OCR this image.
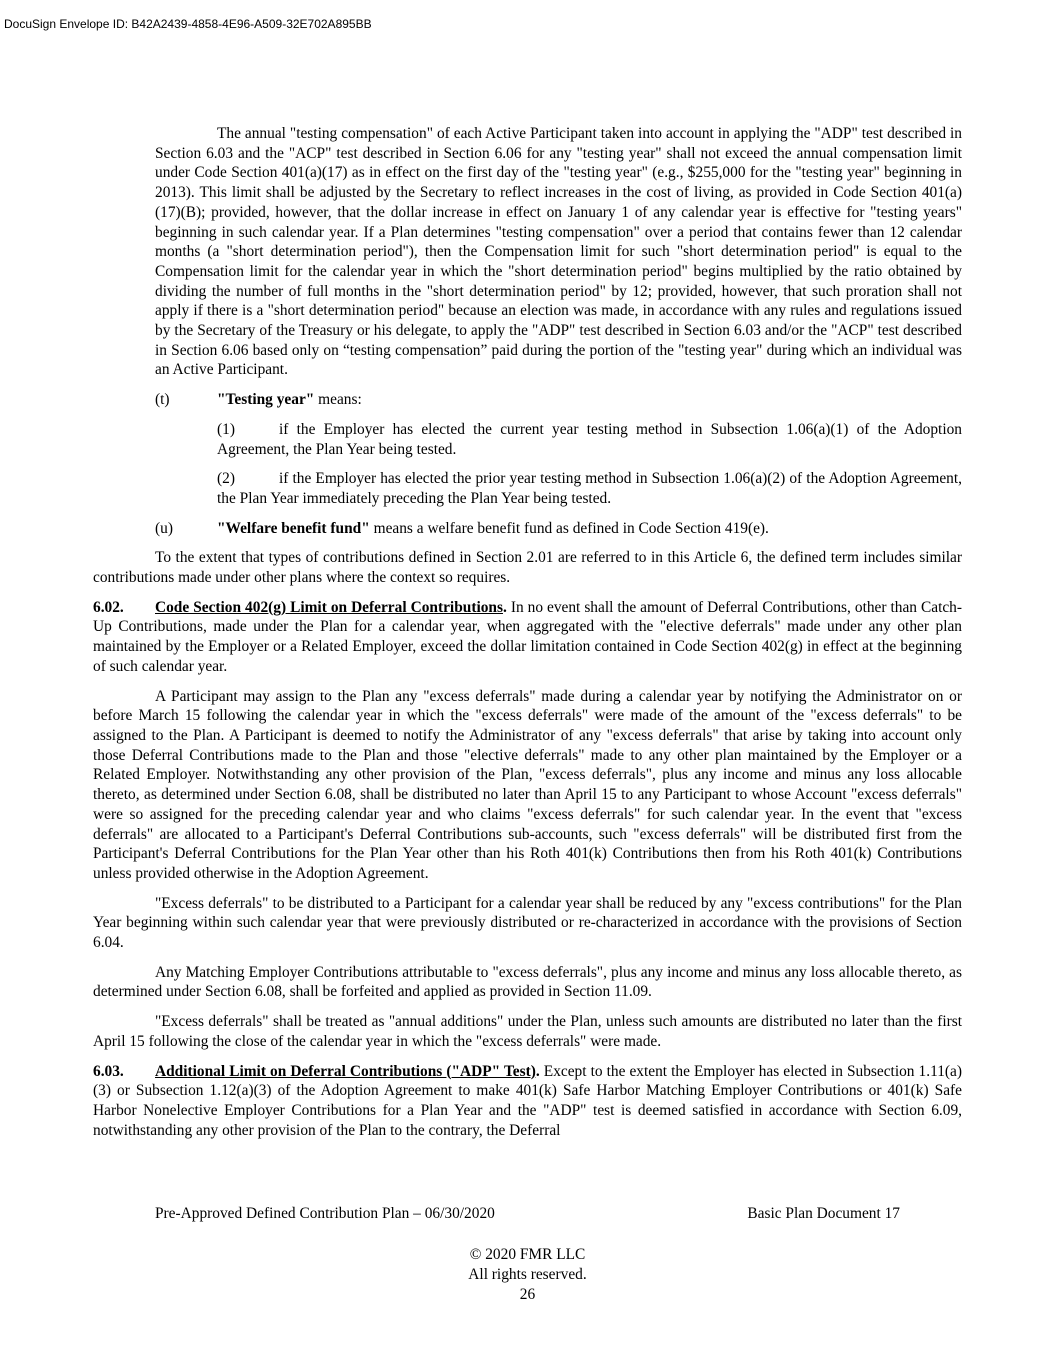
DocuSign Envelope ID: B42A2439-4858-4E96-A509-32E702A895BB

The annual "testing compensation" of each Active Participant taken into account in applying the "ADP" test described in Section 6.03 and the "ACP" test described in Section 6.06 for any "testing year" shall not exceed the annual compensation limit under Code Section 401(a)(17) as in effect on the first day of the "testing year" (e.g., $255,000 for the "testing year" beginning in 2013). This limit shall be adjusted by the Secretary to reflect increases in the cost of living, as provided in Code Section 401(a)(17)(B); provided, however, that the dollar increase in effect on January 1 of any calendar year is effective for "testing years" beginning in such calendar year. If a Plan determines "testing compensation" over a period that contains fewer than 12 calendar months (a "short determination period"), then the Compensation limit for such "short determination period" is equal to the Compensation limit for the calendar year in which the "short determination period" begins multiplied by the ratio obtained by dividing the number of full months in the "short determination period" by 12; provided, however, that such proration shall not apply if there is a "short determination period" because an election was made, in accordance with any rules and regulations issued by the Secretary of the Treasury or his delegate, to apply the "ADP" test described in Section 6.03 and/or the "ACP" test described in Section 6.06 based only on “testing compensation” paid during the portion of the "testing year" during which an individual was an Active Participant.

(t)	"Testing year" means:

(1)	if the Employer has elected the current year testing method in Subsection 1.06(a)(1) of the Adoption Agreement, the Plan Year being tested.

(2)	if the Employer has elected the prior year testing method in Subsection 1.06(a)(2) of the Adoption Agreement, the Plan Year immediately preceding the Plan Year being tested.

(u)	"Welfare benefit fund" means a welfare benefit fund as defined in Code Section 419(e).

To the extent that types of contributions defined in Section 2.01 are referred to in this Article 6, the defined term includes similar contributions made under other plans where the context so requires.

6.02. Code Section 402(g) Limit on Deferral Contributions. In no event shall the amount of Deferral Contributions, other than Catch-Up Contributions, made under the Plan for a calendar year, when aggregated with the "elective deferrals" made under any other plan maintained by the Employer or a Related Employer, exceed the dollar limitation contained in Code Section 402(g) in effect at the beginning of such calendar year.

A Participant may assign to the Plan any "excess deferrals" made during a calendar year by notifying the Administrator on or before March 15 following the calendar year in which the "excess deferrals" were made of the amount of the "excess deferrals" to be assigned to the Plan. A Participant is deemed to notify the Administrator of any "excess deferrals" that arise by taking into account only those Deferral Contributions made to the Plan and those "elective deferrals" made to any other plan maintained by the Employer or a Related Employer. Notwithstanding any other provision of the Plan, "excess deferrals", plus any income and minus any loss allocable thereto, as determined under Section 6.08, shall be distributed no later than April 15 to any Participant to whose Account "excess deferrals" were so assigned for the preceding calendar year and who claims "excess deferrals" for such calendar year. In the event that "excess deferrals" are allocated to a Participant's Deferral Contributions sub-accounts, such "excess deferrals" will be distributed first from the Participant's Deferral Contributions for the Plan Year other than his Roth 401(k) Contributions then from his Roth 401(k) Contributions unless provided otherwise in the Adoption Agreement.

"Excess deferrals" to be distributed to a Participant for a calendar year shall be reduced by any "excess contributions" for the Plan Year beginning within such calendar year that were previously distributed or re-characterized in accordance with the provisions of Section 6.04.

Any Matching Employer Contributions attributable to "excess deferrals", plus any income and minus any loss allocable thereto, as determined under Section 6.08, shall be forfeited and applied as provided in Section 11.09.

"Excess deferrals" shall be treated as "annual additions" under the Plan, unless such amounts are distributed no later than the first April 15 following the close of the calendar year in which the "excess deferrals" were made.

6.03. Additional Limit on Deferral Contributions ("ADP" Test). Except to the extent the Employer has elected in Subsection 1.11(a)(3) or Subsection 1.12(a)(3) of the Adoption Agreement to make 401(k) Safe Harbor Matching Employer Contributions or 401(k) Safe Harbor Nonelective Employer Contributions for a Plan Year and the "ADP" test is deemed satisfied in accordance with Section 6.09, notwithstanding any other provision of the Plan to the contrary, the Deferral

Pre-Approved Defined Contribution Plan – 06/30/2020	Basic Plan Document 17
© 2020 FMR LLC
All rights reserved.
26
